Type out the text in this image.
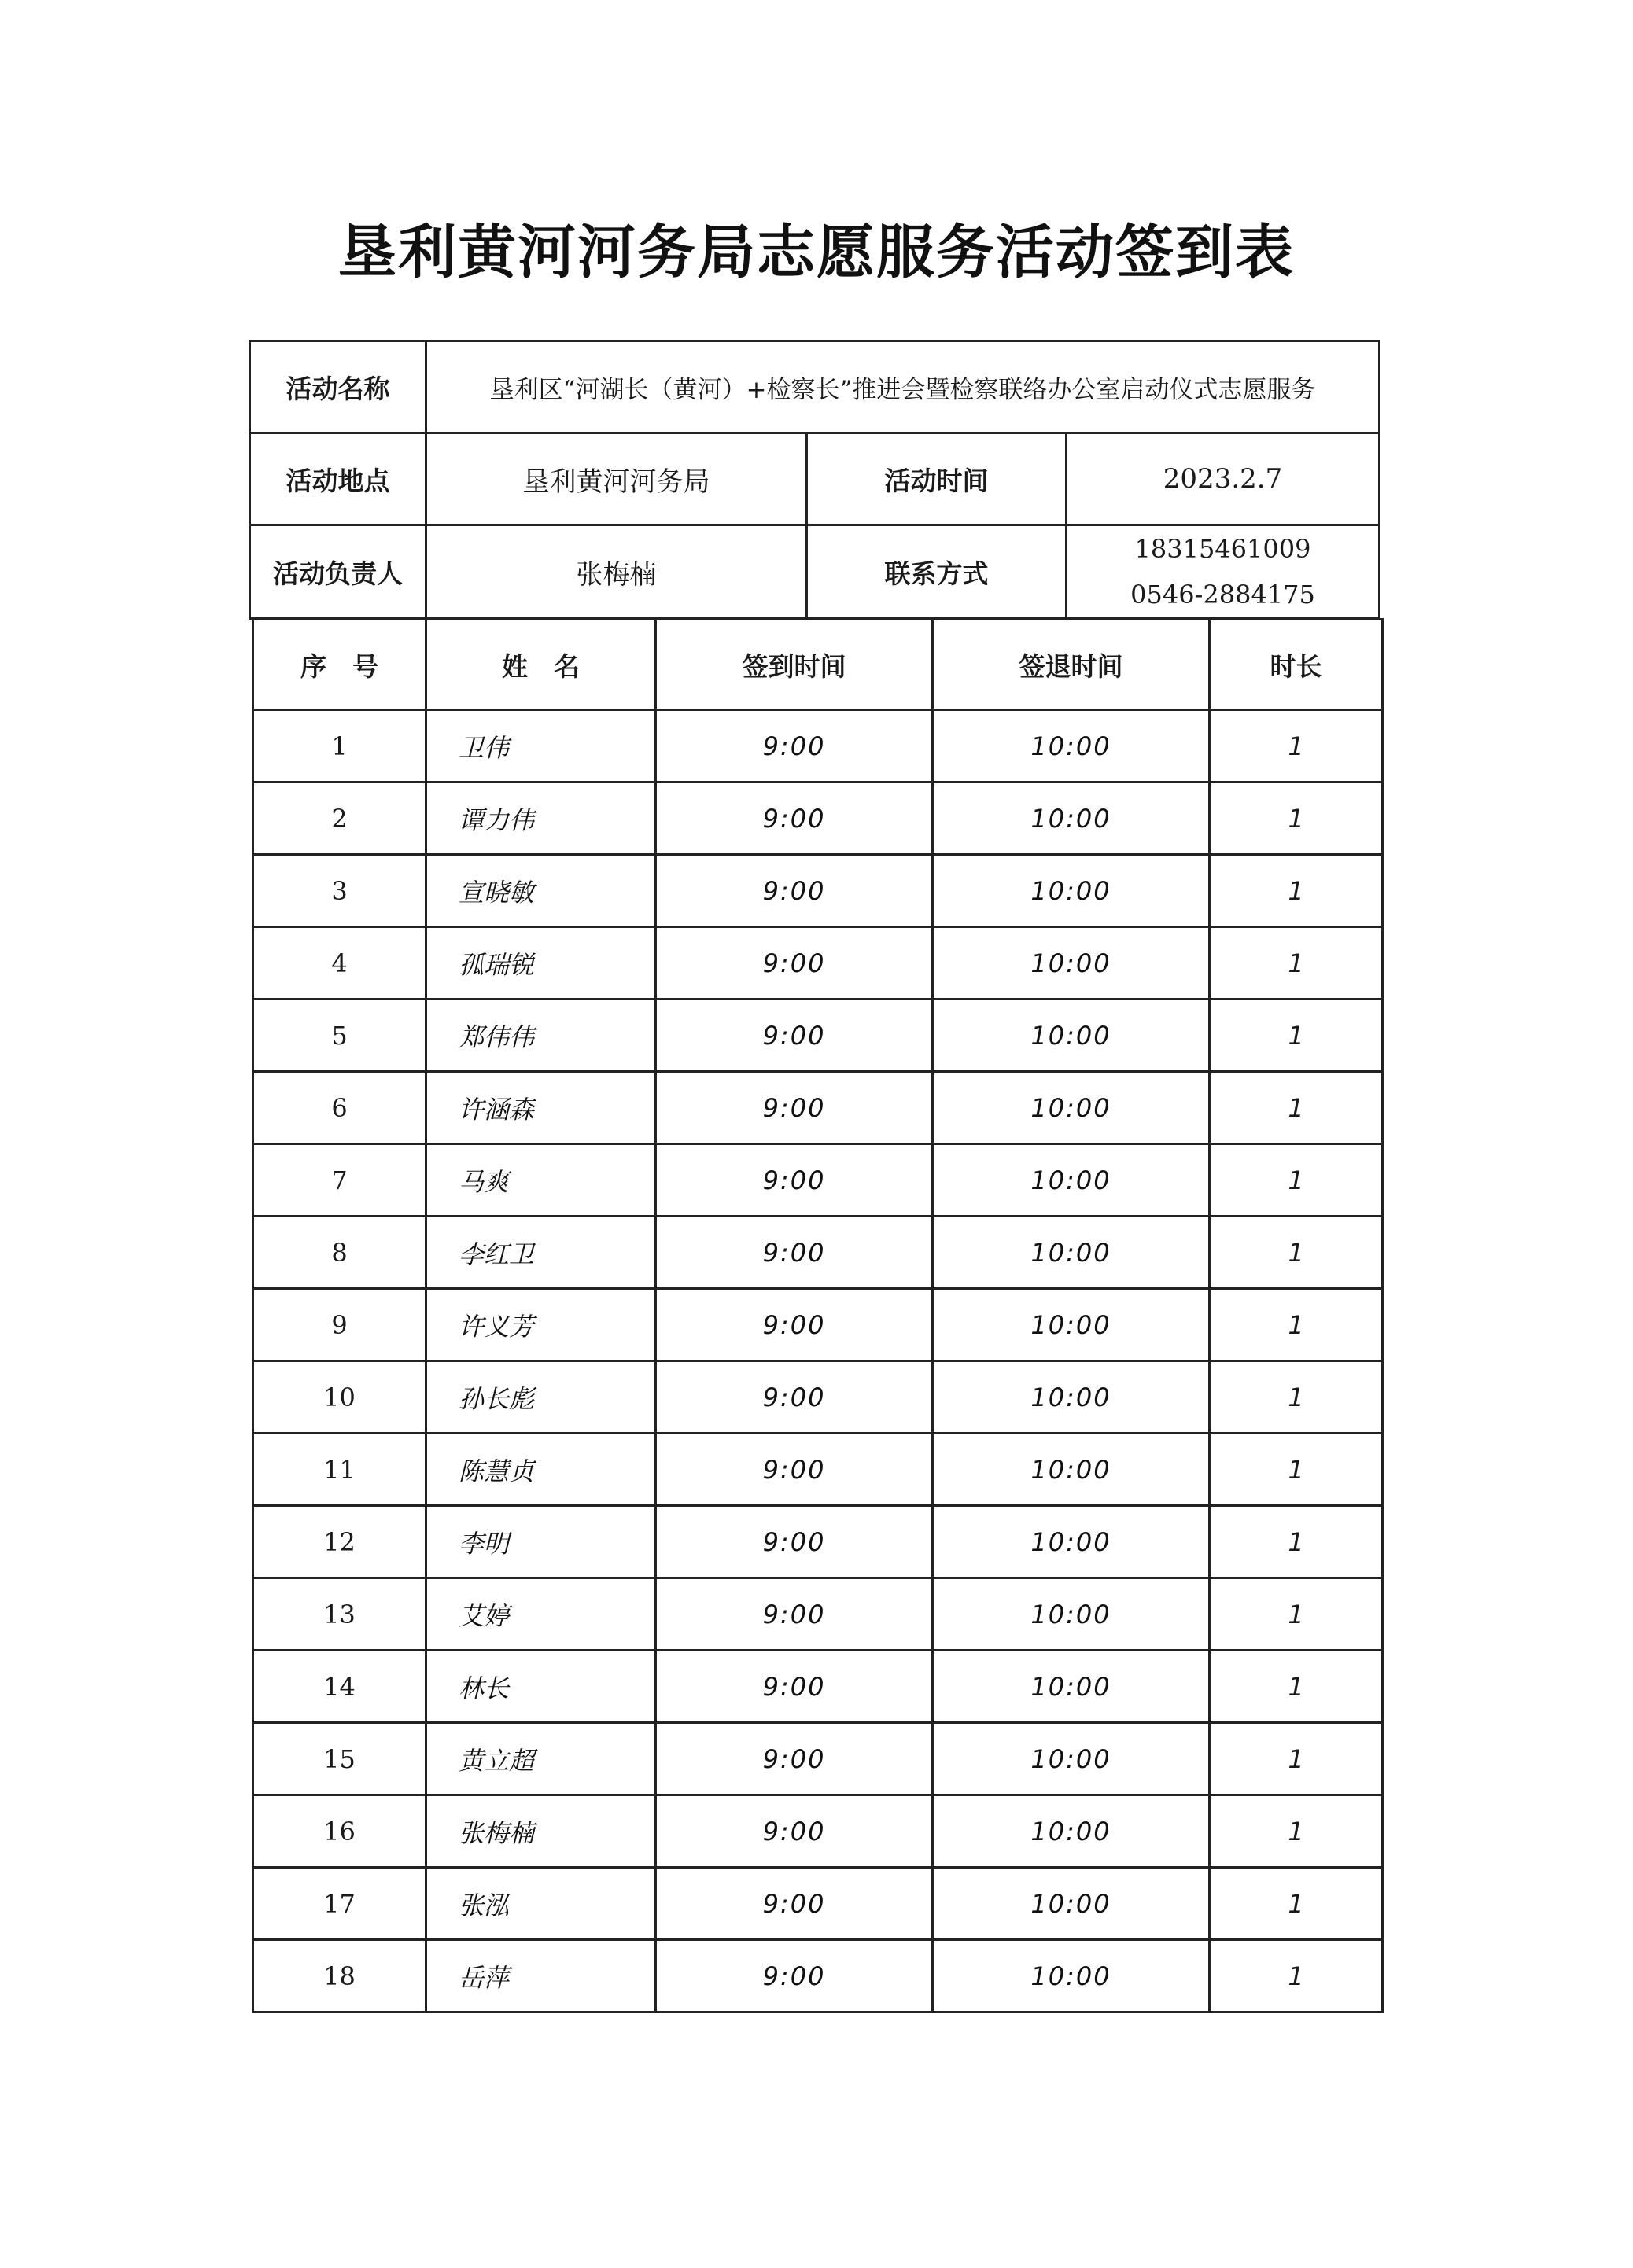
垦利黄河河务局志愿服务活动签到表
活动名称	垦利区“河湖长（黄河）+检察长”推进会暨检察联络办公室启动仪式志愿服务		
活动地点	垦利黄河河务局	活动时间	2023.2.7
活动负责人	张梅楠	联系方式	18315461009
0546-2884175
序　号	姓　名	签到时间	签退时间	时长
1	卫伟	9:00	10:00	1
2	谭力伟	9:00	10:00	1
3	宣晓敏	9:00	10:00	1
4	孤瑞锐	9:00	10:00	1
5	郑伟伟	9:00	10:00	1
6	许涵森	9:00	10:00	1
7	马爽	9:00	10:00	1
8	李红卫	9:00	10:00	1
9	许义芳	9:00	10:00	1
10	孙长彪	9:00	10:00	1
11	陈慧贞	9:00	10:00	1
12	李明	9:00	10:00	1
13	艾婷	9:00	10:00	1
14	林长	9:00	10:00	1
15	黄立超	9:00	10:00	1
16	张梅楠	9:00	10:00	1
17	张泓	9:00	10:00	1
18	岳萍	9:00	10:00	1
